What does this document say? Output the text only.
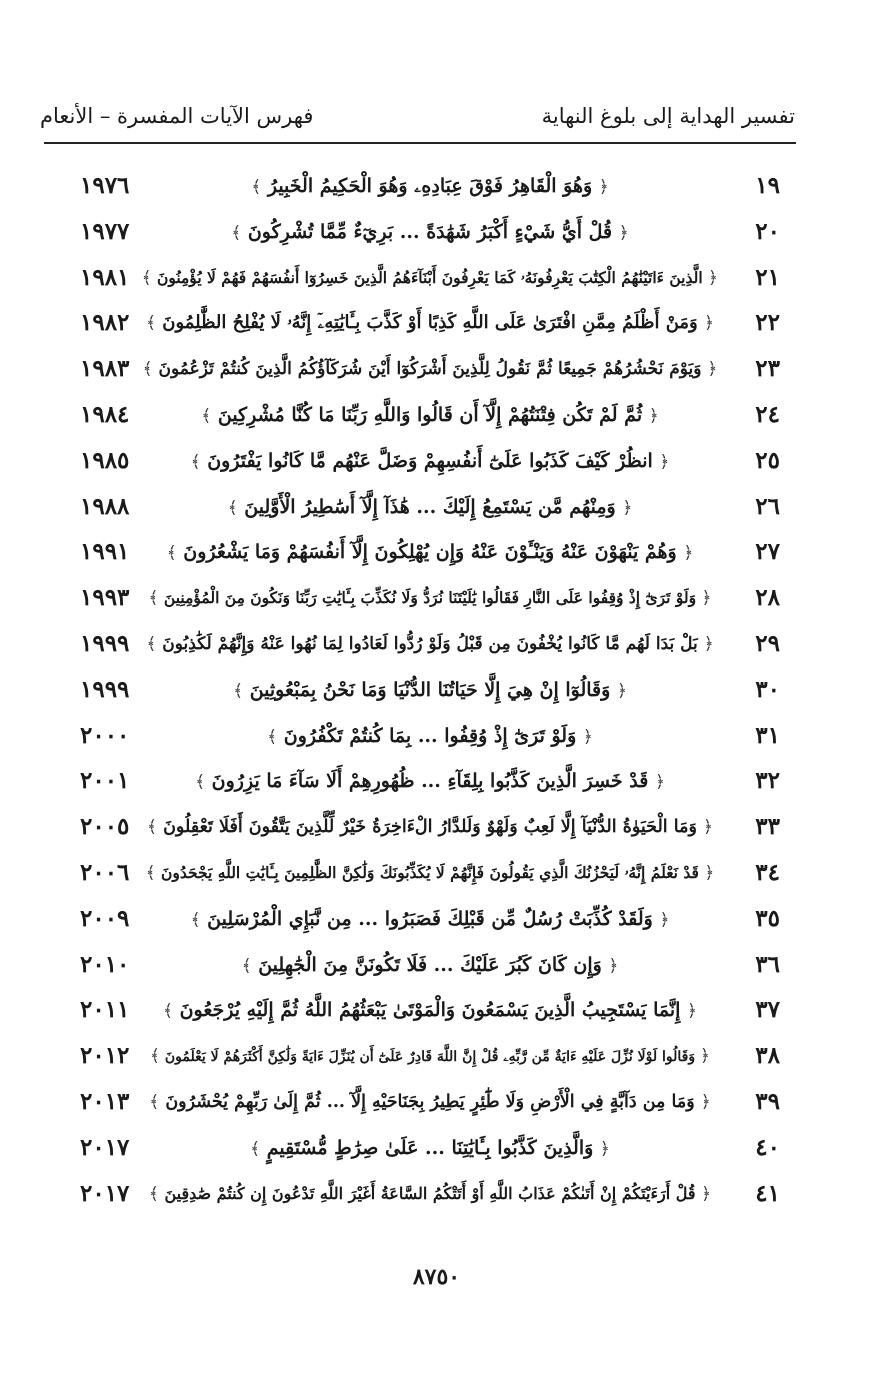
تفسير الهداية إلى بلوغ النهاية
فهرس الآيات المفسرة – الأنعام
١٩
﴿ وَهُوَ الْقَاهِرُ فَوْقَ عِبَادِهِۦ وَهُوَ الْحَكِيمُ الْخَبِيرُ ﴾
١٩٧٦
٢٠
﴿ قُلْ أَيُّ شَيْءٍ أَكْبَرُ شَهَٰدَةً ... بَرِيٓءٌ مِّمَّا تُشْرِكُونَ ﴾
١٩٧٧
٢١
﴿ الَّذِينَ ءَاتَيْنَٰهُمُ الْكِتَٰبَ يَعْرِفُونَهُۥ كَمَا يَعْرِفُونَ أَبْنَآءَهُمُ الَّذِينَ خَسِرُوٓا أَنفُسَهُمْ فَهُمْ لَا يُؤْمِنُونَ ﴾
١٩٨١
٢٢
﴿ وَمَنْ أَظْلَمُ مِمَّنِ افْتَرَىٰ عَلَى اللَّهِ كَذِبًا أَوْ كَذَّبَ بِـَٔايَٰتِهِۦٓ إِنَّهُۥ لَا يُفْلِحُ الظَّٰلِمُونَ ﴾
١٩٨٢
٢٣
﴿ وَيَوْمَ نَحْشُرُهُمْ جَمِيعًا ثُمَّ نَقُولُ لِلَّذِينَ أَشْرَكُوٓا أَيْنَ شُرَكَآؤُكُمُ الَّذِينَ كُنتُمْ تَزْعُمُونَ ﴾
١٩٨٣
٢٤
﴿ ثُمَّ لَمْ تَكُن فِتْنَتُهُمْ إِلَّآ أَن قَالُوا وَاللَّهِ رَبِّنَا مَا كُنَّا مُشْرِكِينَ ﴾
١٩٨٤
٢٥
﴿ انظُرْ كَيْفَ كَذَبُوا عَلَىٰٓ أَنفُسِهِمْ وَضَلَّ عَنْهُم مَّا كَانُوا يَفْتَرُونَ ﴾
١٩٨٥
٢٦
﴿ وَمِنْهُم مَّن يَسْتَمِعُ إِلَيْكَ ... هَٰذَآ إِلَّآ أَسَٰطِيرُ الْأَوَّلِينَ ﴾
١٩٨٨
٢٧
﴿ وَهُمْ يَنْهَوْنَ عَنْهُ وَيَنْـَٔوْنَ عَنْهُ وَإِن يُهْلِكُونَ إِلَّآ أَنفُسَهُمْ وَمَا يَشْعُرُونَ ﴾
١٩٩١
٢٨
﴿ وَلَوْ تَرَىٰٓ إِذْ وُقِفُوا عَلَى النَّارِ فَقَالُوا يَٰلَيْتَنَا نُرَدُّ وَلَا نُكَذِّبَ بِـَٔايَٰتِ رَبِّنَا وَنَكُونَ مِنَ الْمُؤْمِنِينَ ﴾
١٩٩٣
٢٩
﴿ بَلْ بَدَا لَهُم مَّا كَانُوا يُخْفُونَ مِن قَبْلُ وَلَوْ رُدُّوا لَعَادُوا لِمَا نُهُوا عَنْهُ وَإِنَّهُمْ لَكَٰذِبُونَ ﴾
١٩٩٩
٣٠
﴿ وَقَالُوٓا إِنْ هِيَ إِلَّا حَيَاتُنَا الدُّنْيَا وَمَا نَحْنُ بِمَبْعُوثِينَ ﴾
١٩٩٩
٣١
﴿ وَلَوْ تَرَىٰٓ إِذْ وُقِفُوا ... بِمَا كُنتُمْ تَكْفُرُونَ ﴾
٢٠٠٠
٣٢
﴿ قَدْ خَسِرَ الَّذِينَ كَذَّبُوا بِلِقَآءِ ... ظُهُورِهِمْ أَلَا سَآءَ مَا يَزِرُونَ ﴾
٢٠٠١
٣٣
﴿ وَمَا الْحَيَوٰةُ الدُّنْيَآ إِلَّا لَعِبٌ وَلَهْوٌ وَلَلدَّارُ الْءَاخِرَةُ خَيْرٌ لِّلَّذِينَ يَتَّقُونَ أَفَلَا تَعْقِلُونَ ﴾
٢٠٠٥
٣٤
﴿ قَدْ نَعْلَمُ إِنَّهُۥ لَيَحْزُنُكَ الَّذِي يَقُولُونَ فَإِنَّهُمْ لَا يُكَذِّبُونَكَ وَلَٰكِنَّ الظَّٰلِمِينَ بِـَٔايَٰتِ اللَّهِ يَجْحَدُونَ ﴾
٢٠٠٦
٣٥
﴿ وَلَقَدْ كُذِّبَتْ رُسُلٌ مِّن قَبْلِكَ فَصَبَرُوا ... مِن نَّبَإِي الْمُرْسَلِينَ ﴾
٢٠٠٩
٣٦
﴿ وَإِن كَانَ كَبُرَ عَلَيْكَ ... فَلَا تَكُونَنَّ مِنَ الْجَٰهِلِينَ ﴾
٢٠١٠
٣٧
﴿ إِنَّمَا يَسْتَجِيبُ الَّذِينَ يَسْمَعُونَ وَالْمَوْتَىٰ يَبْعَثُهُمُ اللَّهُ ثُمَّ إِلَيْهِ يُرْجَعُونَ ﴾
٢٠١١
٣٨
﴿ وَقَالُوا لَوْلَا نُزِّلَ عَلَيْهِ ءَايَةٌ مِّن رَّبِّهِۦ قُلْ إِنَّ اللَّهَ قَادِرٌ عَلَىٰٓ أَن يُنَزِّلَ ءَايَةً وَلَٰكِنَّ أَكْثَرَهُمْ لَا يَعْلَمُونَ ﴾
٢٠١٢
٣٩
﴿ وَمَا مِن دَآبَّةٍ فِي الْأَرْضِ وَلَا طَٰٓئِرٍ يَطِيرُ بِجَنَاحَيْهِ إِلَّآ ... ثُمَّ إِلَىٰ رَبِّهِمْ يُحْشَرُونَ ﴾
٢٠١٣
٤٠
﴿ وَالَّذِينَ كَذَّبُوا بِـَٔايَٰتِنَا ... عَلَىٰ صِرَٰطٍ مُّسْتَقِيمٍ ﴾
٢٠١٧
٤١
﴿ قُلْ أَرَءَيْتَكُمْ إِنْ أَتَىٰكُمْ عَذَابُ اللَّهِ أَوْ أَتَتْكُمُ السَّاعَةُ أَغَيْرَ اللَّهِ تَدْعُونَ إِن كُنتُمْ صَٰدِقِينَ ﴾
٢٠١٧
٨٧٥٠
